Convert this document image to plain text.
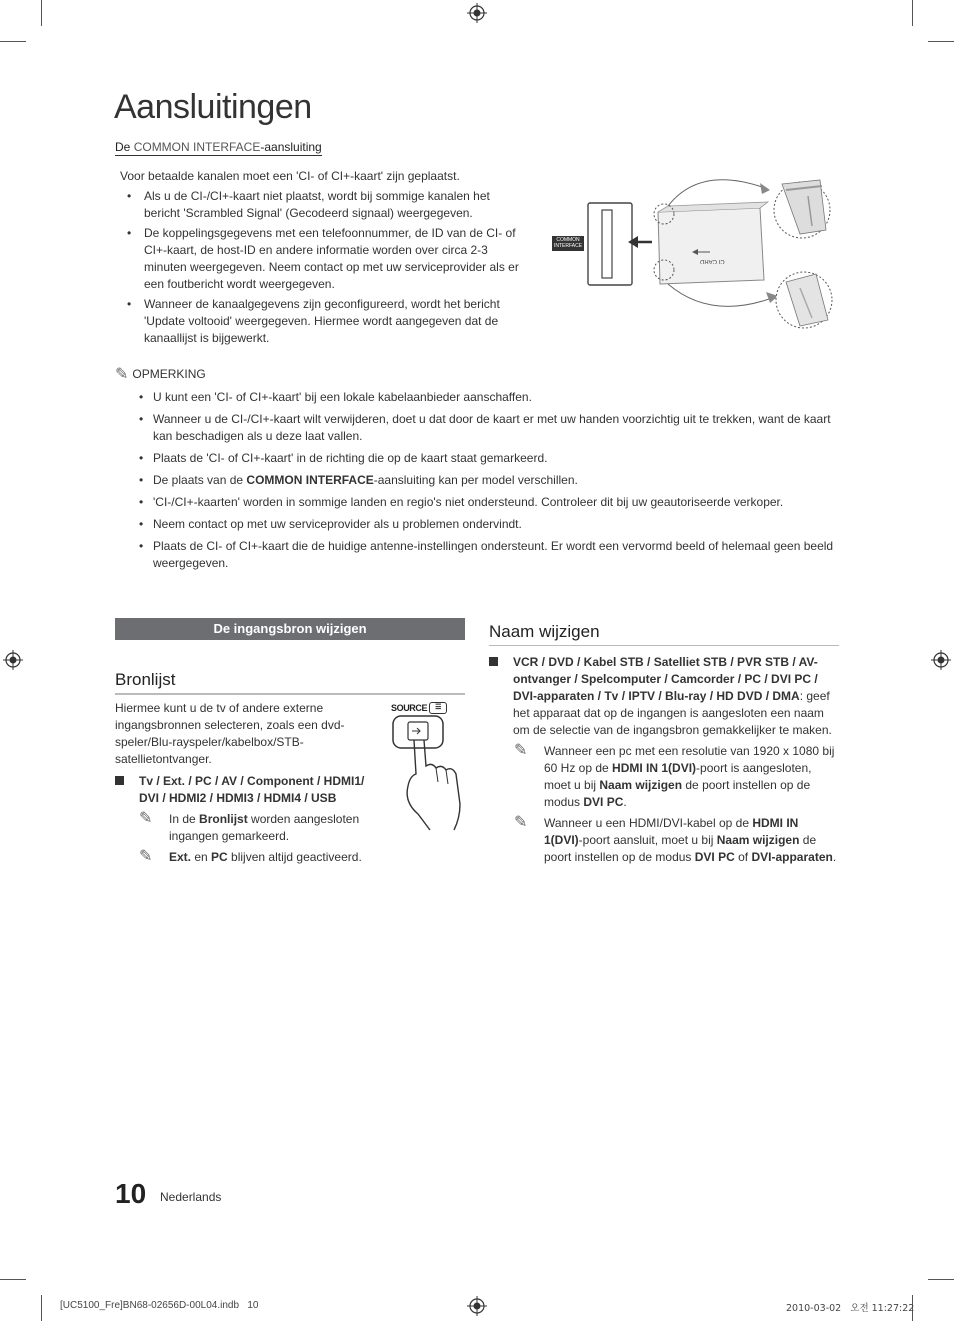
Aansluitingen
De COMMON INTERFACE-aansluiting
Voor betaalde kanalen moet een 'CI- of CI+-kaart' zijn geplaatst.
• Als u de CI-/CI+-kaart niet plaatst, wordt bij sommige kanalen het bericht 'Scrambled Signal' (Gecodeerd signaal) weergegeven.
• De koppelingsgegevens met een telefoonnummer, de ID van de CI- of CI+-kaart, de host-ID en andere informatie worden over circa 2-3 minuten weergegeven. Neem contact op met uw serviceprovider als er een foutbericht wordt weergegeven.
• Wanneer de kanaalgegevens zijn geconfigureerd, wordt het bericht 'Update voltooid' weergegeven. Hiermee wordt aangegeven dat de kanaallijst is bijgewerkt.
COMMON
INTERFACE
CI CARD
✎ OPMERKING
• U kunt een 'CI- of CI+-kaart' bij een lokale kabelaanbieder aanschaffen.
• Wanneer u de CI-/CI+-kaart wilt verwijderen, doet u dat door de kaart er met uw handen voorzichtig uit te trekken, want de kaart kan beschadigen als u deze laat vallen.
• Plaats de 'CI- of CI+-kaart' in de richting die op de kaart staat gemarkeerd.
• De plaats van de COMMON INTERFACE-aansluiting kan per model verschillen.
• 'CI-/CI+-kaarten' worden in sommige landen en regio's niet ondersteund. Controleer dit bij uw geautoriseerde verkoper.
• Neem contact op met uw serviceprovider als u problemen ondervindt.
• Plaats de CI- of CI+-kaart die de huidige antenne-instellingen ondersteunt. Er wordt een vervormd beeld of helemaal geen beeld weergegeven.
De ingangsbron wijzigen
Bronlijst
Hiermee kunt u de tv of andere externe ingangsbronnen selecteren, zoals een dvd-speler/Blu-rayspeler/kabelbox/STB-satellietontvanger.
Tv / Ext. / PC / AV / Component / HDMI1/
DVI / HDMI2 / HDMI3 / HDMI4 / USB
✎ In de Bronlijst worden aangesloten ingangen gemarkeerd.
✎ Ext. en PC blijven altijd geactiveerd.
SOURCE	☰
Naam wijzigen
VCR / DVD / Kabel STB / Satelliet STB / PVR STB / AV-ontvanger / Spelcomputer / Camcorder / PC / DVI PC / DVI-apparaten / Tv / IPTV / Blu-ray / HD DVD / DMA: geef het apparaat dat op de ingangen is aangesloten een naam om de selectie van de ingangsbron gemakkelijker te maken.
✎ Wanneer een pc met een resolutie van 1920 x 1080 bij 60 Hz op de HDMI IN 1(DVI)-poort is aangesloten, moet u bij Naam wijzigen de poort instellen op de modus DVI PC.
✎ Wanneer u een HDMI/DVI-kabel op de HDMI IN 1(DVI)-poort aansluit, moet u bij Naam wijzigen de poort instellen op de modus DVI PC of DVI-apparaten.
10 Nederlands
[UC5100_Fre]BN68-02656D-00L04.indb   10	2010-03-02   오전 11:27:22
